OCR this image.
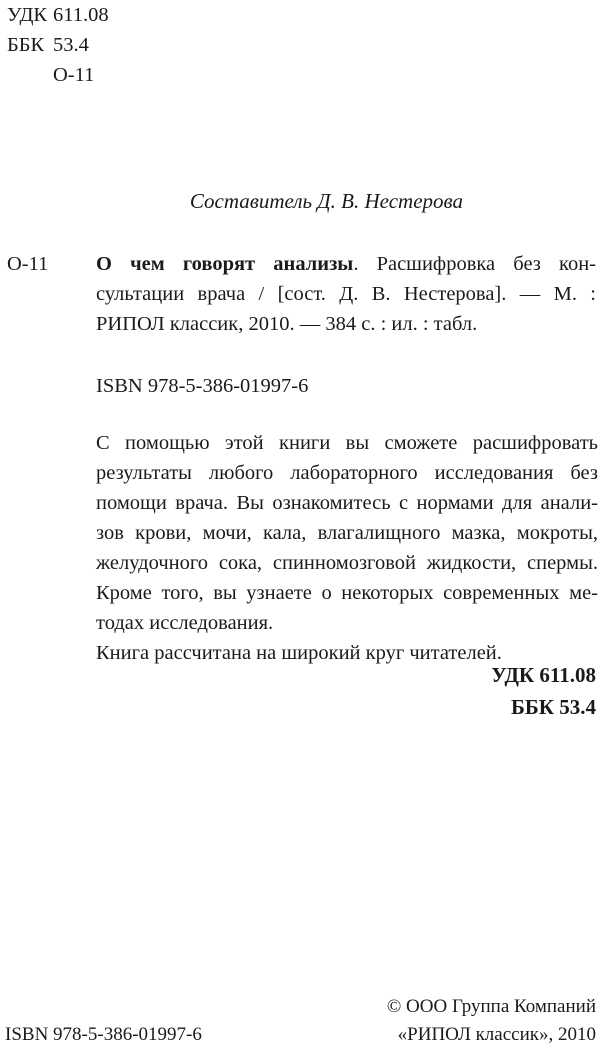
УДК 611.08
ББК 53.4
О-11
Составитель Д. В. Нестерова
О-11 О чем говорят анализы. Расшифровка без кон-
сультации врача / [сост. Д. В. Нестерова]. — М. :
РИПОЛ классик, 2010. — 384 с. : ил. : табл.
ISBN 978-5-386-01997-6
С помощью этой книги вы сможете расшифровать
результаты любого лабораторного исследования без
помощи врача. Вы ознакомитесь с нормами для анали-
зов крови, мочи, кала, влагалищного мазка, мокроты,
желудочного сока, спинномозговой жидкости, спермы.
Кроме того, вы узнаете о некоторых современных ме-
тодах исследования.
Книга рассчитана на широкий круг читателей.
УДК 611.08
ББК 53.4
© ООО Группа Компаний
«РИПОЛ классик», 2010
ISBN 978-5-386-01997-6
